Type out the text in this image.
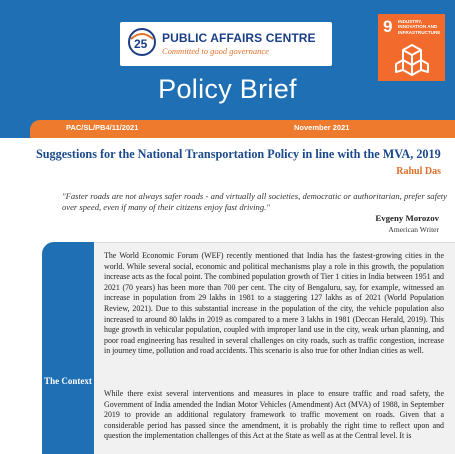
25 PUBLIC AFFAIRS CENTRE
Committed to good governance
9 INDUSTRY, INNOVATION AND INFRASTRUCTURE
Policy Brief
PAC/SL/PB4/11/2021	November 2021
Suggestions for the National Transportation Policy in line with the MVA, 2019
Rahul Das
"Faster roads are not always safer roads - and virtually all societies, democratic or authoritarian, prefer safety over speed, even if many of their citizens enjoy fast driving."
Evgeny Morozov
American Writer
The Context

The World Economic Forum (WEF) recently mentioned that India has the fastest-growing cities in the world. While several social, economic and political mechanisms play a role in this growth, the population increase acts as the focal point. The combined population growth of Tier 1 cities in India between 1951 and 2021 (70 years) has been more than 700 per cent. The city of Bengaluru, say, for example, witnessed an increase in population from 29 lakhs in 1981 to a staggering 127 lakhs as of 2021 (World Population Review, 2021). Due to this substantial increase in the population of the city, the vehicle population also increased to around 80 lakhs in 2019 as compared to a mere 3 lakhs in 1981 (Deccan Herald, 2019). This huge growth in vehicular population, coupled with improper land use in the city, weak urban planning, and poor road engineering has resulted in several challenges on city roads, such as traffic congestion, increase in journey time, pollution and road accidents. This scenario is also true for other Indian cities as well.

While there exist several interventions and measures in place to ensure traffic and road safety, the Government of India amended the Indian Motor Vehicles (Amendment) Act (MVA) of 1988, in September 2019 to provide an additional regulatory framework to traffic movement on roads. Given that a considerable period has passed since the amendment, it is probably the right time to reflect upon and question the implementation challenges of this Act at the State as well as at the Central level. It is
